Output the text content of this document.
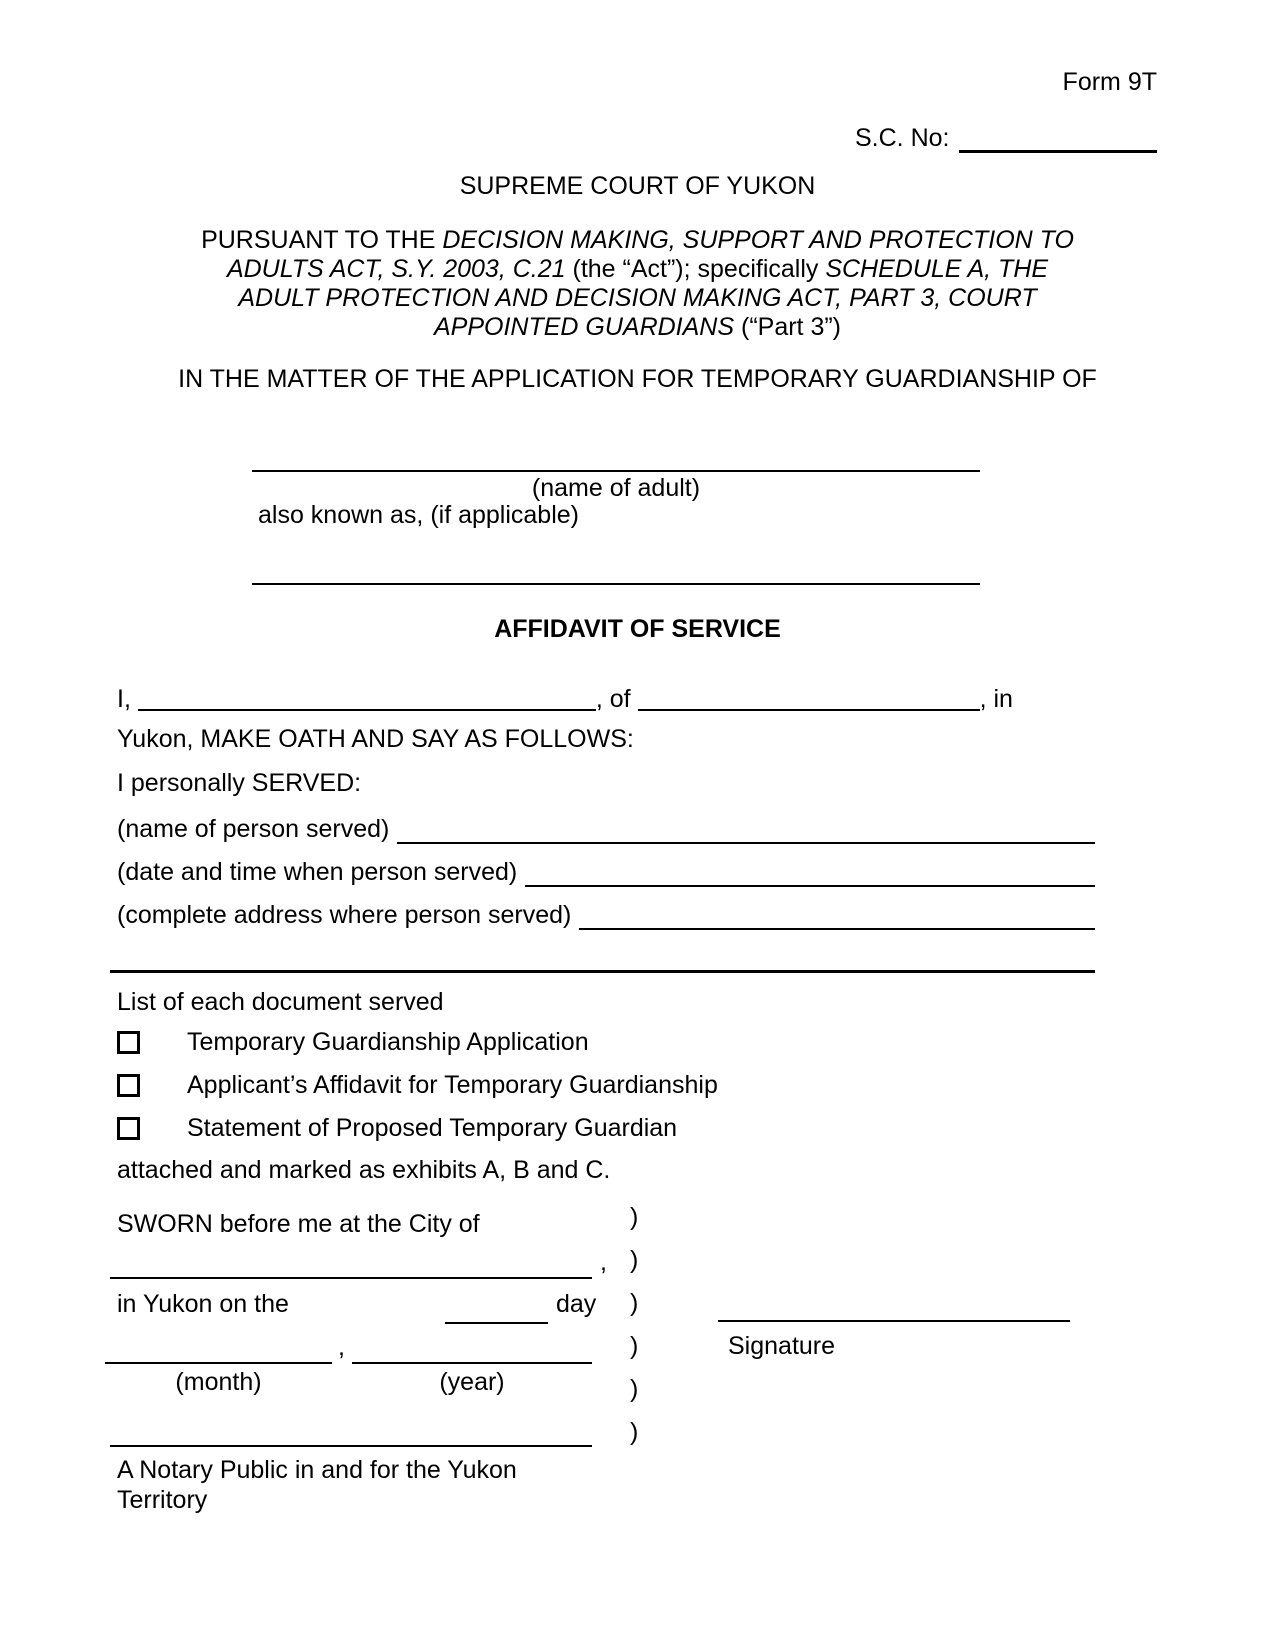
Form 9T
S.C. No:
SUPREME COURT OF YUKON
PURSUANT TO THE DECISION MAKING, SUPPORT AND PROTECTION TO
ADULTS ACT, S.Y. 2003, C.21 (the “Act”); specifically SCHEDULE A, THE
ADULT PROTECTION AND DECISION MAKING ACT, PART 3, COURT
APPOINTED GUARDIANS (“Part 3”)
IN THE MATTER OF THE APPLICATION FOR TEMPORARY GUARDIANSHIP OF
(name of adult)
also known as, (if applicable)
AFFIDAVIT OF SERVICE
I,	, of	, in
Yukon, MAKE OATH AND SAY AS FOLLOWS:
I personally SERVED:
(name of person served)
(date and time when person served)
(complete address where person served)
List of each document served
Temporary Guardianship Application
Applicant’s Affidavit for Temporary Guardianship
Statement of Proposed Temporary Guardian
attached and marked as exhibits A, B and C.
SWORN before me at the City of
,
in Yukon on the	day
,
(month)	(year)
A Notary Public in and for the Yukon
Territory
)
)
)
)
)
)
Signature
